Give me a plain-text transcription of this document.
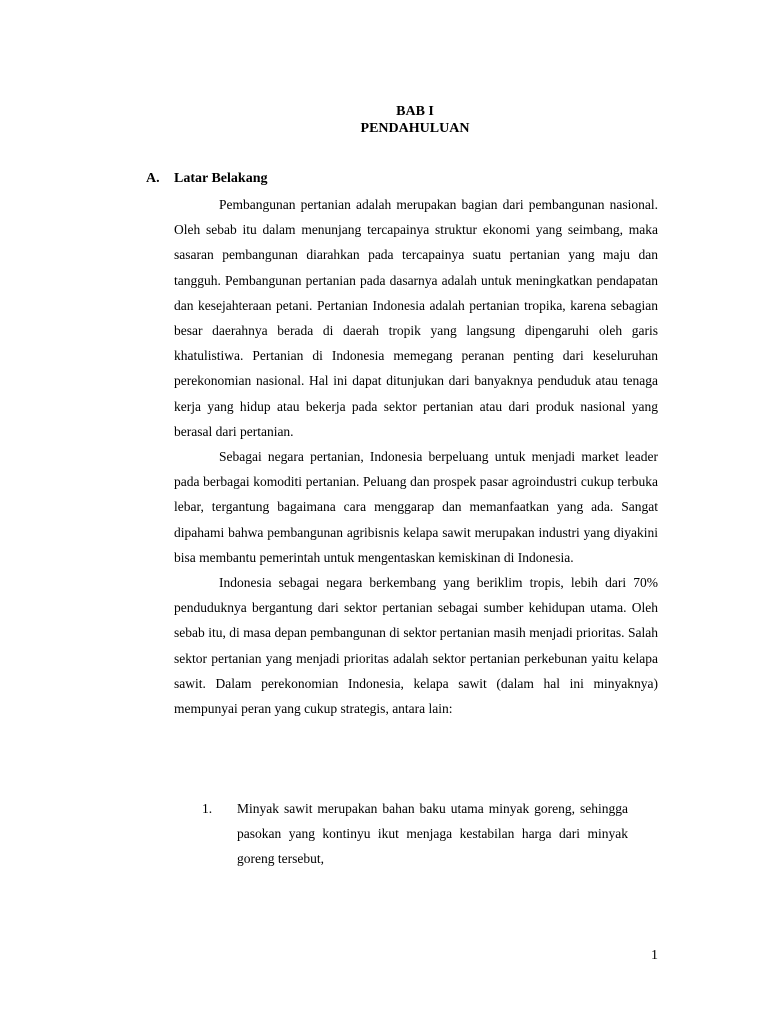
BAB I
PENDAHULUAN
A. Latar Belakang

Pembangunan pertanian adalah merupakan bagian dari pembangunan nasional. Oleh sebab itu dalam menunjang tercapainya struktur ekonomi yang seimbang, maka sasaran pembangunan diarahkan pada tercapainya suatu pertanian yang maju dan tangguh. Pembangunan pertanian pada dasarnya adalah untuk meningkatkan pendapatan dan kesejahteraan petani. Pertanian Indonesia adalah pertanian tropika, karena sebagian besar daerahnya berada di daerah tropik yang langsung dipengaruhi oleh garis khatulistiwa. Pertanian di Indonesia memegang peranan penting dari keseluruhan perekonomian nasional. Hal ini dapat ditunjukan dari banyaknya penduduk atau tenaga kerja yang hidup atau bekerja pada sektor pertanian atau dari produk nasional yang berasal dari pertanian.

Sebagai negara pertanian, Indonesia berpeluang untuk menjadi market leader pada berbagai komoditi pertanian. Peluang dan prospek pasar agroindustri cukup terbuka lebar, tergantung bagaimana cara menggarap dan memanfaatkan yang ada. Sangat dipahami bahwa pembangunan agribisnis kelapa sawit merupakan industri yang diyakini bisa membantu pemerintah untuk mengentaskan kemiskinan di Indonesia.

Indonesia sebagai negara berkembang yang beriklim tropis, lebih dari 70% penduduknya bergantung dari sektor pertanian sebagai sumber kehidupan utama. Oleh sebab itu, di masa depan pembangunan di sektor pertanian masih menjadi prioritas. Salah sektor pertanian yang menjadi prioritas adalah sektor pertanian perkebunan yaitu kelapa sawit. Dalam perekonomian Indonesia, kelapa sawit (dalam hal ini minyaknya) mempunyai peran yang cukup strategis, antara lain:

1. Minyak sawit merupakan bahan baku utama minyak goreng, sehingga pasokan yang kontinyu ikut menjaga kestabilan harga dari minyak goreng tersebut,
1
